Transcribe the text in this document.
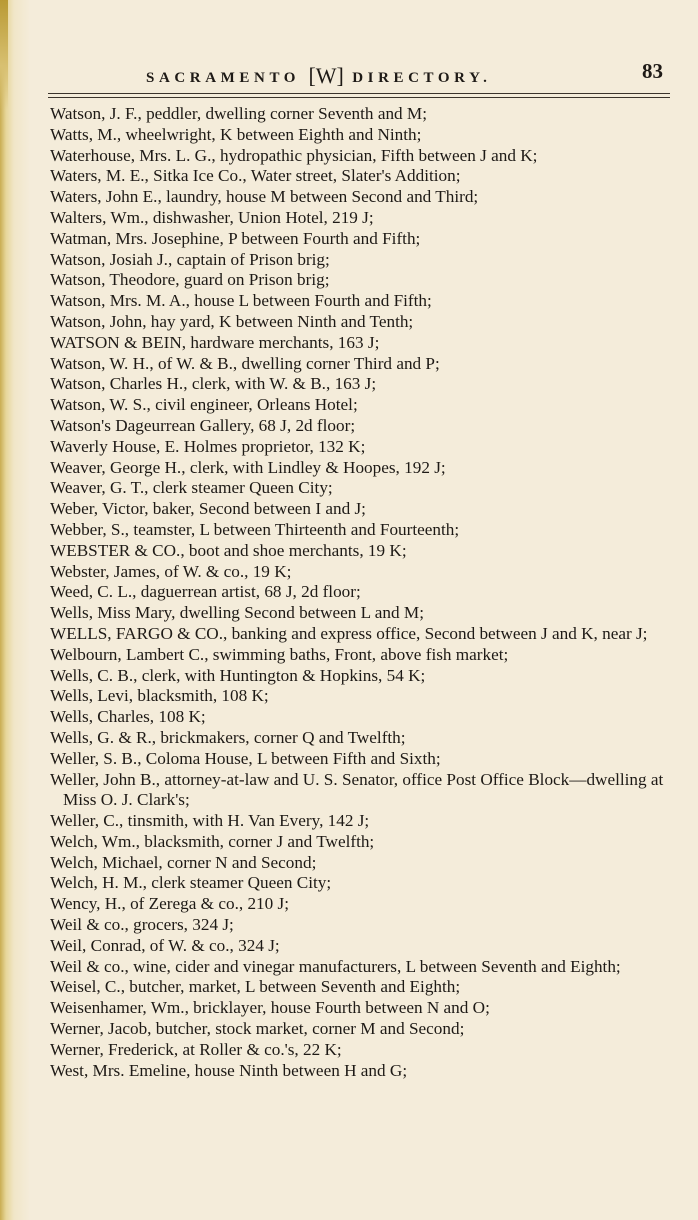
SACRAMENTO [W] DIRECTORY.	83
Watson, J. F., peddler, dwelling corner Seventh and M;
Watts, M., wheelwright, K between Eighth and Ninth;
Waterhouse, Mrs. L. G., hydropathic physician, Fifth between J and K;
Waters, M. E., Sitka Ice Co., Water street, Slater's Addition;
Waters, John E., laundry, house M between Second and Third;
Walters, Wm., dishwasher, Union Hotel, 219 J;
Watman, Mrs. Josephine, P between Fourth and Fifth;
Watson, Josiah J., captain of Prison brig;
Watson, Theodore, guard on Prison brig;
Watson, Mrs. M. A., house L between Fourth and Fifth;
Watson, John, hay yard, K between Ninth and Tenth;
WATSON & BEIN, hardware merchants, 163 J;
Watson, W. H., of W. & B., dwelling corner Third and P;
Watson, Charles H., clerk, with W. & B., 163 J;
Watson, W. S., civil engineer, Orleans Hotel;
Watson's Dageurrean Gallery, 68 J, 2d floor;
Waverly House, E. Holmes proprietor, 132 K;
Weaver, George H., clerk, with Lindley & Hoopes, 192 J;
Weaver, G. T., clerk steamer Queen City;
Weber, Victor, baker, Second between I and J;
Webber, S., teamster, L between Thirteenth and Fourteenth;
WEBSTER & CO., boot and shoe merchants, 19 K;
Webster, James, of W. & co., 19 K;
Weed, C. L., daguerrean artist, 68 J, 2d floor;
Wells, Miss Mary, dwelling Second between L and M;
WELLS, FARGO & CO., banking and express office, Second between J and K, near J;
Welbourn, Lambert C., swimming baths, Front, above fish market;
Wells, C. B., clerk, with Huntington & Hopkins, 54 K;
Wells, Levi, blacksmith, 108 K;
Wells, Charles, 108 K;
Wells, G. & R., brickmakers, corner Q and Twelfth;
Weller, S. B., Coloma House, L between Fifth and Sixth;
Weller, John B., attorney-at-law and U. S. Senator, office Post Office Block—dwelling at Miss O. J. Clark's;
Weller, C., tinsmith, with H. Van Every, 142 J;
Welch, Wm., blacksmith, corner J and Twelfth;
Welch, Michael, corner N and Second;
Welch, H. M., clerk steamer Queen City;
Wency, H., of Zerega & co., 210 J;
Weil & co., grocers, 324 J;
Weil, Conrad, of W. & co., 324 J;
Weil & co., wine, cider and vinegar manufacturers, L between Seventh and Eighth;
Weisel, C., butcher, market, L between Seventh and Eighth;
Weisenhamer, Wm., bricklayer, house Fourth between N and O;
Werner, Jacob, butcher, stock market, corner M and Second;
Werner, Frederick, at Roller & co.'s, 22 K;
West, Mrs. Emeline, house Ninth between H and G;
